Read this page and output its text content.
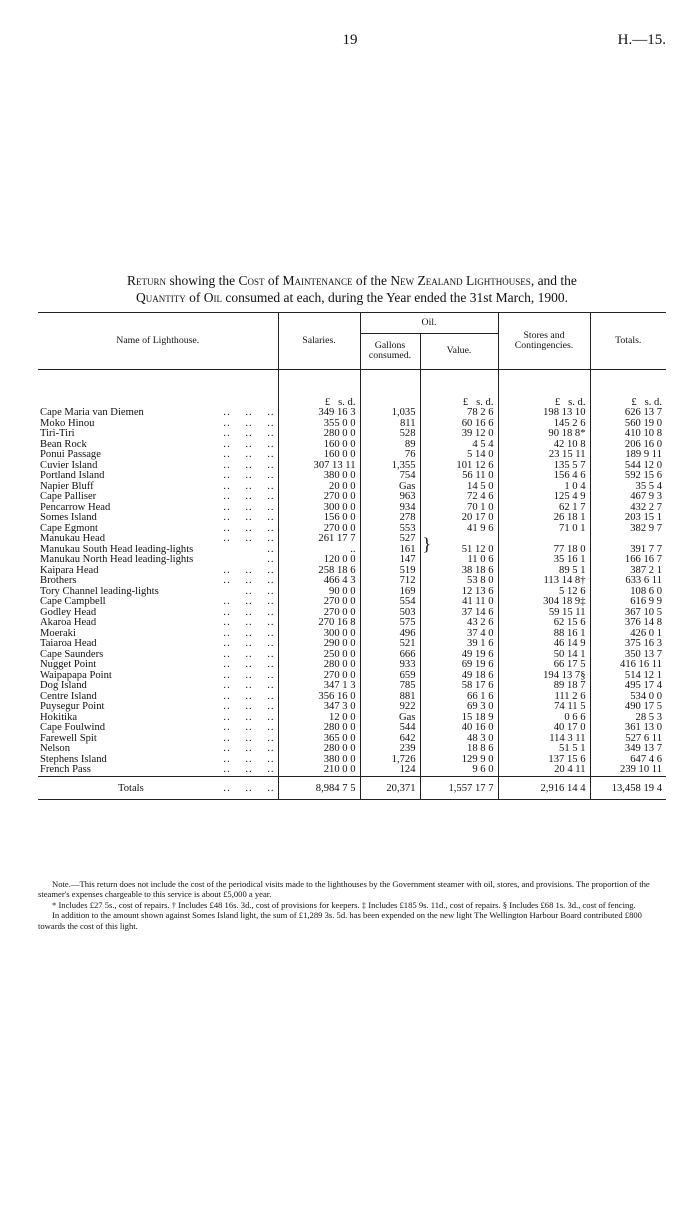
19	H.—15.
Return showing the Cost of Maintenance of the New Zealand Lighthouses, and the
Quantity of Oil consumed at each, during the Year ended the 31st March, 1900.

Name of Lighthouse.	Salaries.	Oil.		Stores and Contingencies.	Totals.
		Gallons consumed.	Value.		

	£ s. d.		£ s. d.	£ s. d.	£ s. d.
Cape Maria van Diemen ..    ..    ..	349 16 3	1,035	78 2 6	198 13 10	626 13 7
Moko Hinou ..    ..    ..	355 0 0	811	60 16 6	145 2 6	560 19 0
Tiri-Tiri ..    ..    ..	280 0 0	528	39 12 0	90 18 8*	410 10 8
Bean Rock ..    ..    ..	160 0 0	89	4 5 4	42 10 8	206 16 0
Ponui Passage ..    ..    ..	160 0 0	76	5 14 0	23 15 11	189 9 11
Cuvier Island ..    ..    ..	307 13 11	1,355	101 12 6	135 5 7	544 12 0
Portland Island ..    ..    ..	380 0 0	754	56 11 0	156 4 6	592 15 6
Napier Bluff ..    ..    ..	20 0 0	Gas	14 5 0	1 0 4	35 5 4
Cape Palliser ..    ..    ..	270 0 0	963	72 4 6	125 4 9	467 9 3
Pencarrow Head ..    ..    ..	300 0 0	934	70 1 0	62 1 7	432 2 7
Somes Island ..    ..    ..	156 0 0	278	20 17 0	26 18 1	203 15 1
Cape Egmont ..    ..    ..	270 0 0	553	41 9 6	71 0 1	382 9 7
Manukau Head ..    ..    ..	261 17 7	527			
Manukau South Head leading-lights ..	..	161	} 51 12 0	77 18 0	391 7 7
Manukau North Head leading-lights ..	120 0 0	147	11 0 6	35 16 1	166 16 7
Kaipara Head ..    ..    ..	258 18 6	519	38 18 6	89 5 1	387 2 1
Brothers ..    ..    ..	466 4 3	712	53 8 0	113 14 8†	633 6 11
Tory Channel leading-lights ..    ..	90 0 0	169	12 13 6	5 12 6	108 6 0
Cape Campbell ..    ..    ..	270 0 0	554	41 11 0	304 18 9‡	616 9 9
Godley Head ..    ..    ..	270 0 0	503	37 14 6	59 15 11	367 10 5
Akaroa Head ..    ..    ..	270 16 8	575	43 2 6	62 15 6	376 14 8
Moeraki ..    ..    ..	300 0 0	496	37 4 0	88 16 1	426 0 1
Taiaroa Head ..    ..    ..	290 0 0	521	39 1 6	46 14 9	375 16 3
Cape Saunders ..    ..    ..	250 0 0	666	49 19 6	50 14 1	350 13 7
Nugget Point ..    ..    ..	280 0 0	933	69 19 6	66 17 5	416 16 11
Waipapapa Point ..    ..    ..	270 0 0	659	49 18 6	194 13 7§	514 12 1
Dog Island ..    ..    ..	347 1 3	785	58 17 6	89 18 7	495 17 4
Centre Island ..    ..    ..	356 16 0	881	66 1 6	111 2 6	534 0 0
Puysegur Point ..    ..    ..	347 3 0	922	69 3 0	74 11 5	490 17 5
Hokitika ..    ..    ..	12 0 0	Gas	15 18 9	0 6 6	28 5 3
Cape Foulwind ..    ..    ..	280 0 0	544	40 16 0	40 17 0	361 13 0
Farewell Spit ..    ..    ..	365 0 0	642	48 3 0	114 3 11	527 6 11
Nelson ..    ..    ..	280 0 0	239	18 8 6	51 5 1	349 13 7
Stephens Island ..    ..    ..	380 0 0	1,726	129 9 0	137 15 6	647 4 6
French Pass ..    ..    ..	210 0 0	124	9 6 0	20 4 11	239 10 11
Totals ..    ..    ..	8,984 7 5	20,371	1,557 17 7	2,916 14 4	13,458 19 4

Note.—This return does not include the cost of the periodical visits made to the lighthouses by the Government steamer with oil, stores, and provisions. The proportion of the steamer's expenses chargeable to this service is about £5,000 a year.

* Includes £27 5s., cost of repairs. † Includes £48 16s. 3d., cost of provisions for keepers. ‡ Includes £185 9s. 11d., cost of repairs. § Includes £68 1s. 3d., cost of fencing.

In addition to the amount shown against Somes Island light, the sum of £1,289 3s. 5d. has been expended on the new light The Wellington Harbour Board contributed £800 towards the cost of this light.
